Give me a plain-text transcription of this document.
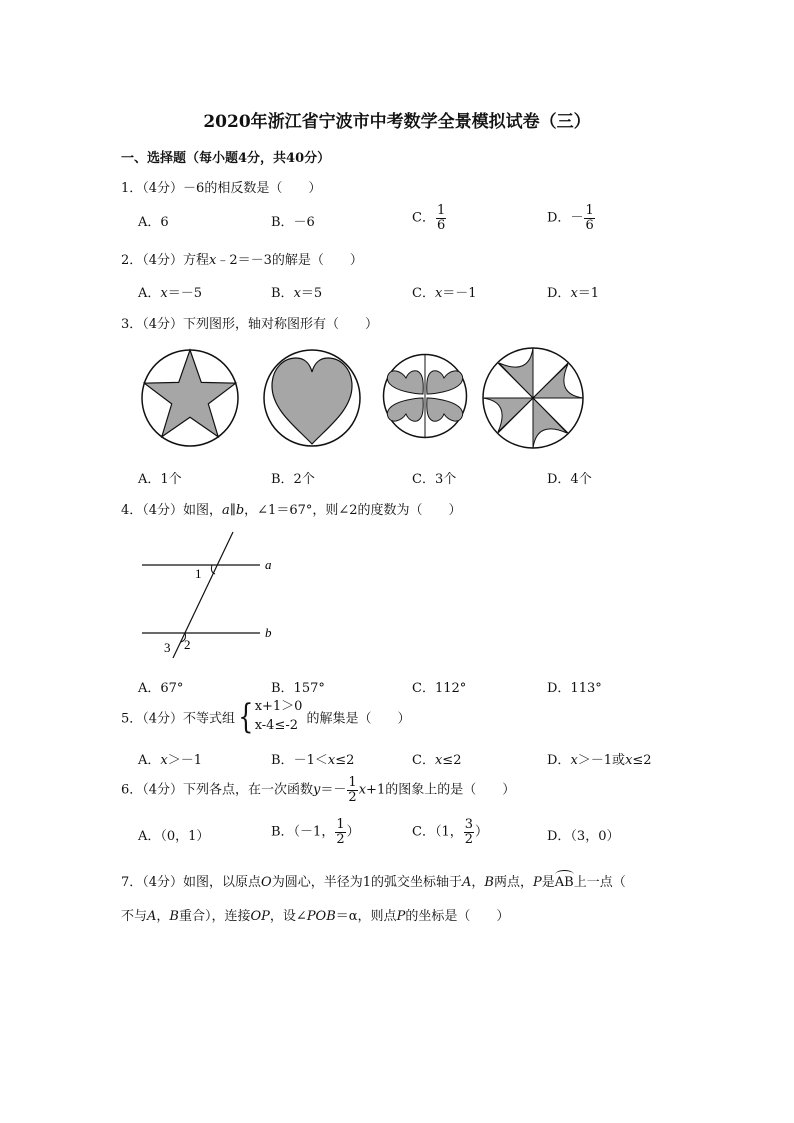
2020年浙江省宁波市中考数学全景模拟试卷（三）
一、选择题（每小题4分，共40分）
1．（4分）－6的相反数是（　　）
A．6	B．－6	C． $\frac{1}{6}$	D．－ $\frac{1}{6}$
2．（4分）方程x﹣2＝－3的解是（　　）
A．x＝－5	B．x＝5	C．x＝－1	D．x＝1
3．（4分）下列图形，轴对称图形有（　　）
A．1个	B．2个	C．3个	D．4个
4．（4分）如图，a∥b，∠1＝67°，则∠2的度数为（　　）
a
b
1
2
3
A．67°	B．157°	C．112°	D．113°
5．（4分）不等式组{ x+1＞0
x-4≤-2 的解集是（　　）
A．x＞－1	B．－1＜x≤2	C．x≤2	D．x＞－1或x≤2
6．（4分）下列各点，在一次函数$y=- \frac{1}{2} x+1$的图象上的是（　　）
A．（0，1）	B．（－1， $\frac{1}{2}$ ）	C．（1， $\frac{3}{2}$ ）	D．（3，0）
7．（4分）如图，以原点O为圆心，半径为1的弧交坐标轴于A，B两点，P是AB上一点（
不与A，B重合），连接OP，设∠POB＝α，则点P的坐标是（　　）
